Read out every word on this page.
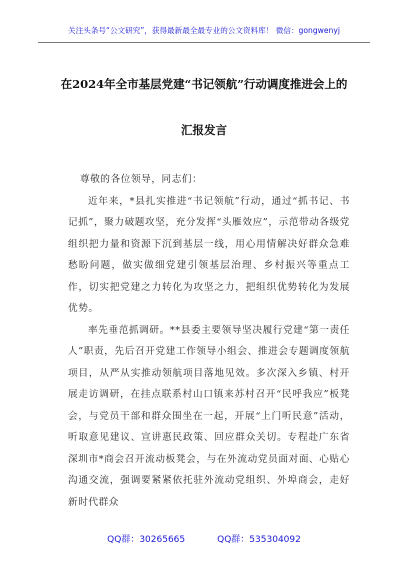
关注头条号“公文研究”，获得最新最全最专业的公文资料库！ 微信：gongwenyj
在2024年全市基层党建“书记领航”行动调度推进会上的
汇报发言

尊敬的各位领导，同志们：

近年来，*县扎实推进“书记领航”行动，通过“抓书记、书记抓”，聚力破题攻坚，充分发挥“头雁效应”，示范带动各级党组织把力量和资源下沉到基层一线，用心用情解决好群众急难愁盼问题，做实做细党建引领基层治理、乡村振兴等重点工作，切实把党建之力转化为攻坚之力，把组织优势转化为发展优势。

率先垂范抓调研。**县委主要领导坚决履行党建“第一责任人”职责，先后召开党建工作领导小组会、推进会专题调度领航项目，从严从实推动领航项目落地见效。多次深入乡镇、村开展走访调研，在挂点联系村山口镇来苏村召开“民呼我应”板凳会，与党员干部和群众围坐在一起，开展“上门听民意”活动，听取意见建议、宣讲惠民政策、回应群众关切。专程赴广东省深圳市*商会召开流动板凳会，与在外流动党员面对面、心贴心沟通交流，强调要紧紧依托驻外流动党组织、外埠商会，走好新时代群众

QQ群：30265665	QQ群：535304092
